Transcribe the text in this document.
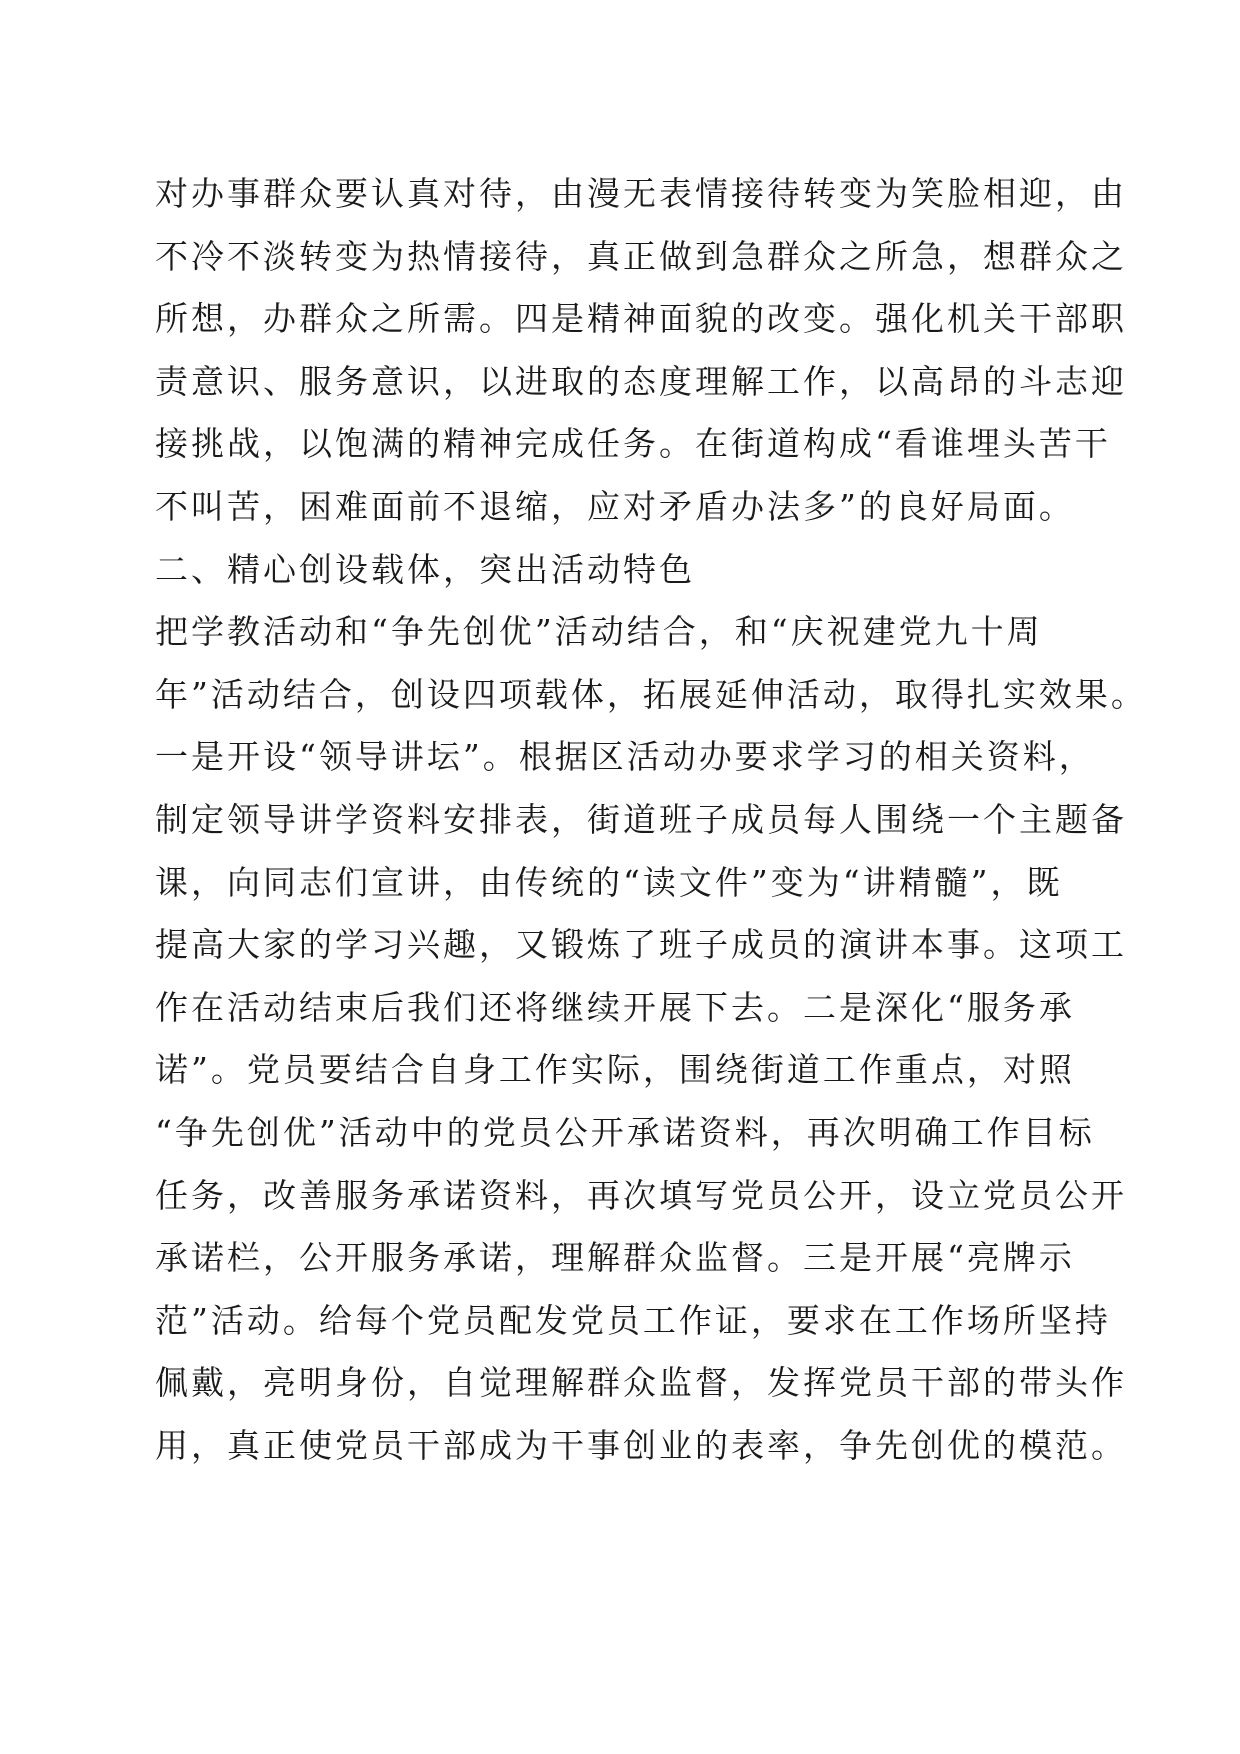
对办事群众要认真对待，由漫无表情接待转变为笑脸相迎，由
不冷不淡转变为热情接待，真正做到急群众之所急，想群众之
所想，办群众之所需。四是精神面貌的改变。强化机关干部职
责意识、服务意识，以进取的态度理解工作，以高昂的斗志迎
接挑战，以饱满的精神完成任务。在街道构成“看谁埋头苦干
不叫苦，困难面前不退缩，应对矛盾办法多”的良好局面。
二、精心创设载体，突出活动特色
把学教活动和“争先创优”活动结合，和“庆祝建党九十周
年”活动结合，创设四项载体，拓展延伸活动，取得扎实效果。
一是开设“领导讲坛”。根据区活动办要求学习的相关资料，
制定领导讲学资料安排表，街道班子成员每人围绕一个主题备
课，向同志们宣讲，由传统的“读文件”变为“讲精髓”，既
提高大家的学习兴趣，又锻炼了班子成员的演讲本事。这项工
作在活动结束后我们还将继续开展下去。二是深化“服务承
诺”。党员要结合自身工作实际，围绕街道工作重点，对照
“争先创优”活动中的党员公开承诺资料，再次明确工作目标
任务，改善服务承诺资料，再次填写党员公开，设立党员公开
承诺栏，公开服务承诺，理解群众监督。三是开展“亮牌示
范”活动。给每个党员配发党员工作证，要求在工作场所坚持
佩戴，亮明身份，自觉理解群众监督，发挥党员干部的带头作
用，真正使党员干部成为干事创业的表率，争先创优的模范。
